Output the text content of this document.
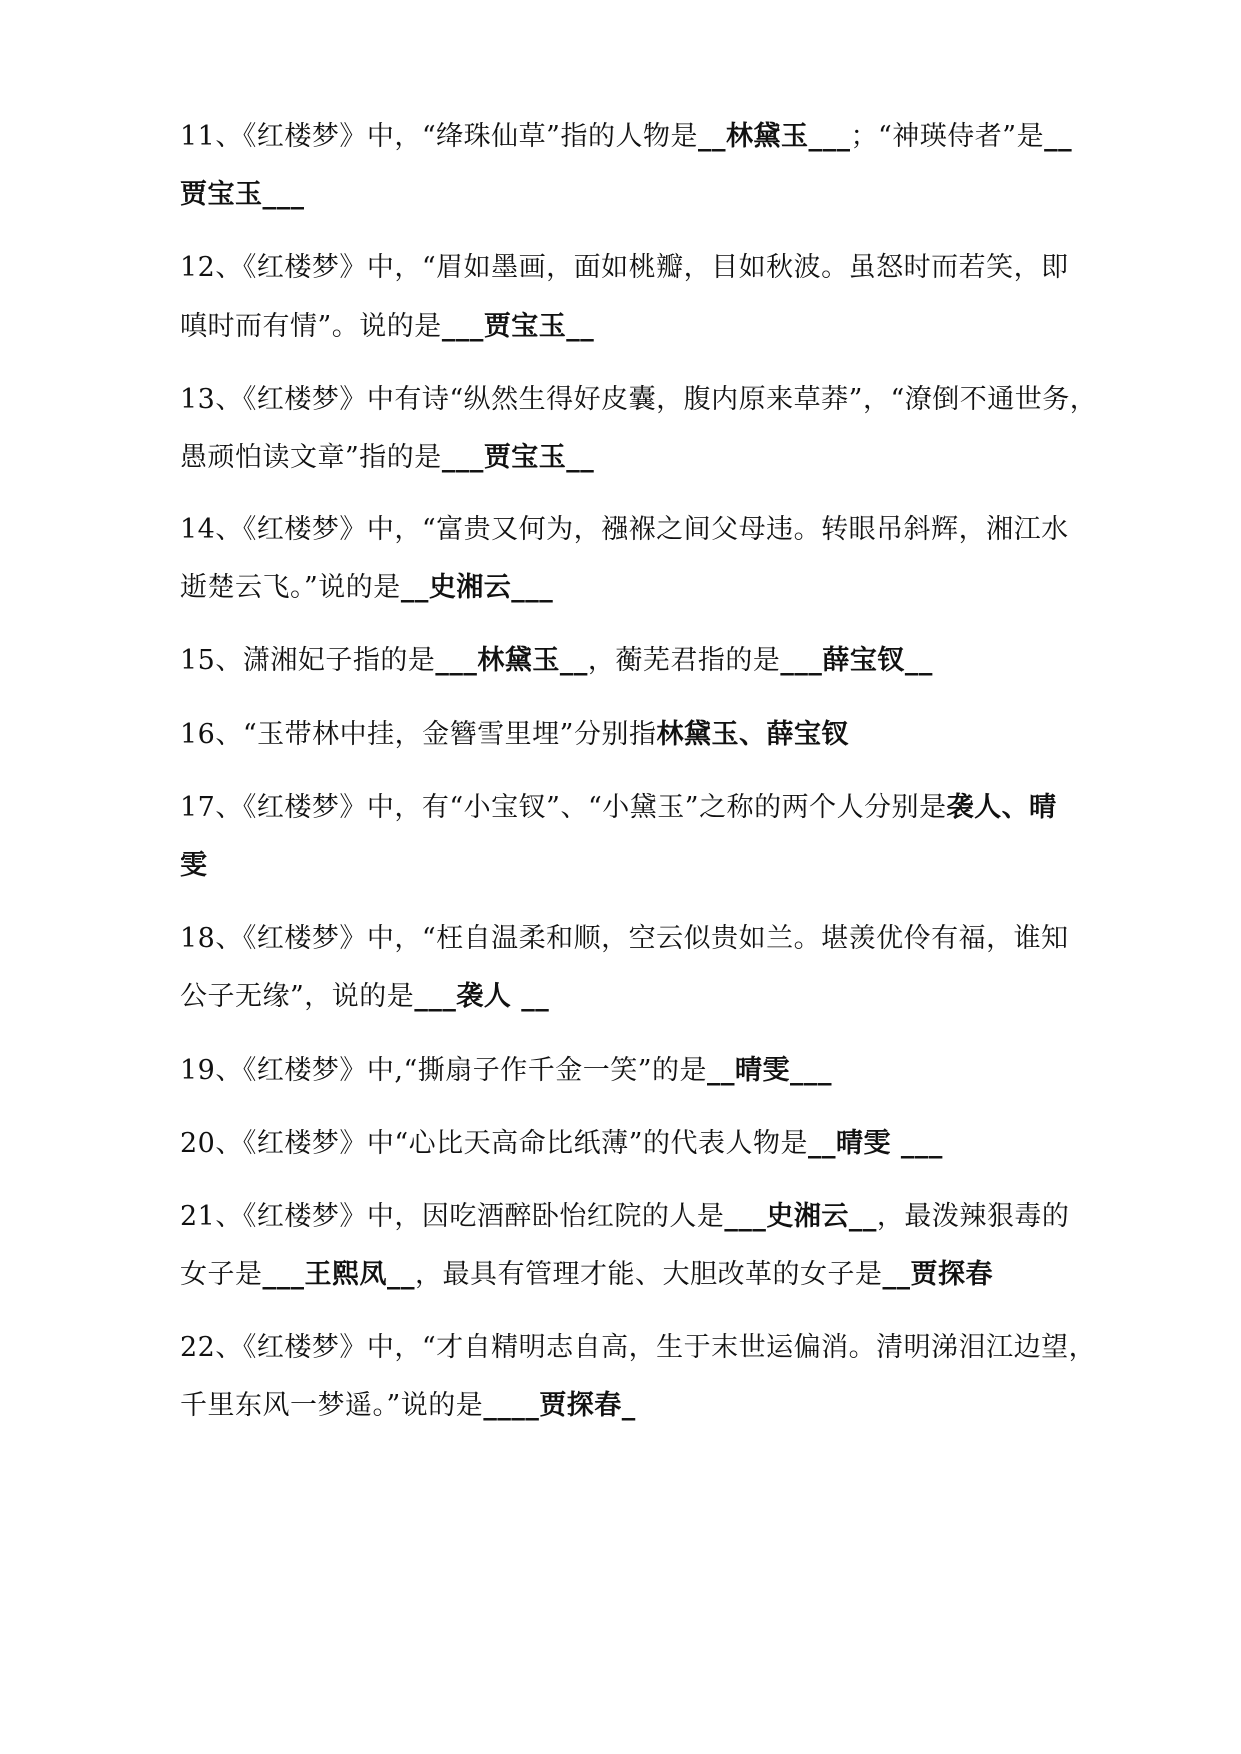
11、《红楼梦》中，“绛珠仙草”指的人物是__林黛玉___；“神瑛侍者”是__
贾宝玉___
12、《红楼梦》中，“眉如墨画，面如桃瓣，目如秋波。虽怒时而若笑，即
嗔时而有情”。说的是___贾宝玉__
13、《红楼梦》中有诗“纵然生得好皮囊，腹内原来草莽”，“潦倒不通世务，
愚顽怕读文章”指的是___贾宝玉__
14、《红楼梦》中，“富贵又何为，襁褓之间父母违。转眼吊斜辉，湘江水
逝楚云飞。”说的是__史湘云___
15、潇湘妃子指的是___林黛玉__，蘅芜君指的是___薛宝钗__
16、“玉带林中挂，金簪雪里埋”分别指林黛玉、薛宝钗
17、《红楼梦》中，有“小宝钗”、“小黛玉”之称的两个人分别是袭人、晴
雯
18、《红楼梦》中，“枉自温柔和顺，空云似贵如兰。堪羡优伶有福，谁知
公子无缘”，说的是___袭人 __
19、《红楼梦》中,“撕扇子作千金一笑”的是__晴雯___
20、《红楼梦》中“心比天高命比纸薄”的代表人物是__晴雯 ___
21、《红楼梦》中，因吃酒醉卧怡红院的人是___史湘云__，最泼辣狠毒的
女子是___王熙凤__，最具有管理才能、大胆改革的女子是__贾探春
22、《红楼梦》中，“才自精明志自高，生于末世运偏消。清明涕泪江边望，
千里东风一梦遥。”说的是____贾探春_
